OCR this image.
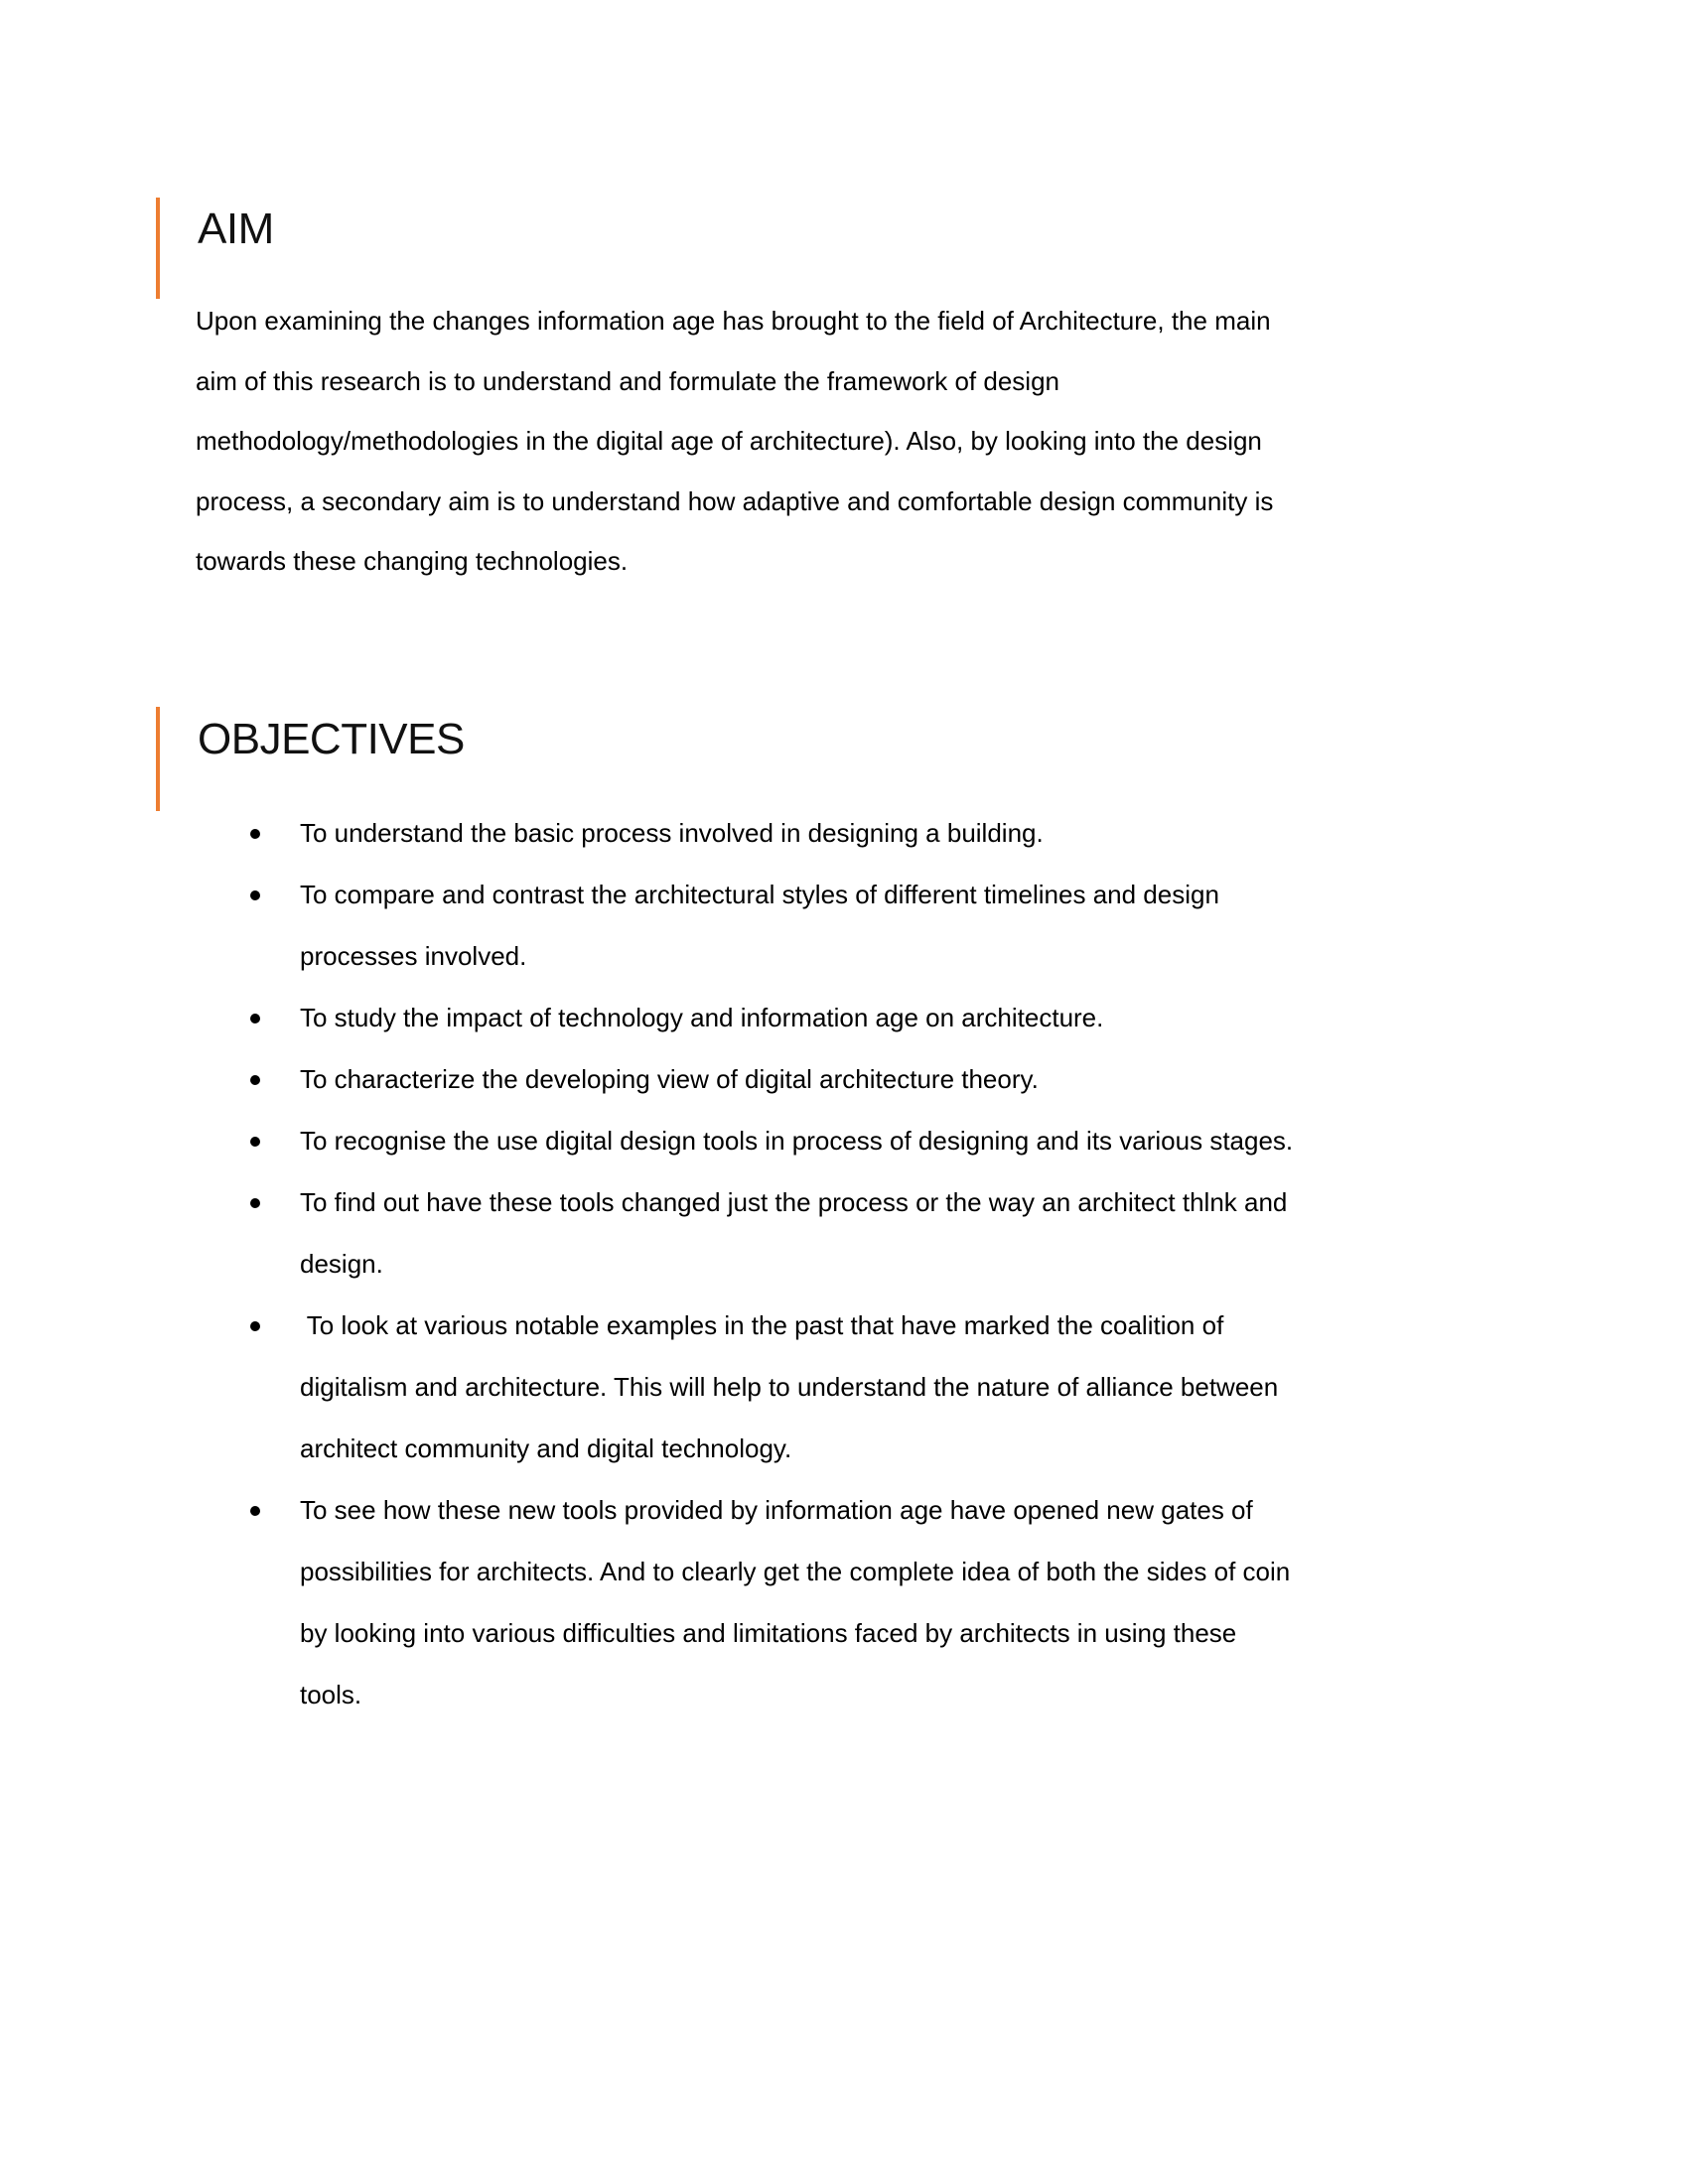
AIM

Upon examining the changes information age has brought to the field of Architecture, the main
aim of this research is to understand and formulate the framework of design
methodology/methodologies in the digital age of architecture). Also, by looking into the design
process, a secondary aim is to understand how adaptive and comfortable design community is
towards these changing technologies.

OBJECTIVES
To understand the basic process involved in designing a building.
To compare and contrast the architectural styles of different timelines and design
processes involved.
To study the impact of technology and information age on architecture.
To characterize the developing view of digital architecture theory.
To recognise the use digital design tools in process of designing and its various stages.
To find out have these tools changed just the process or the way an architect thlnk and
design.
To look at various notable examples in the past that have marked the coalition of
digitalism and architecture. This will help to understand the nature of alliance between
architect community and digital technology.
To see how these new tools provided by information age have opened new gates of
possibilities for architects. And to clearly get the complete idea of both the sides of coin
by looking into various difficulties and limitations faced by architects in using these
tools.
